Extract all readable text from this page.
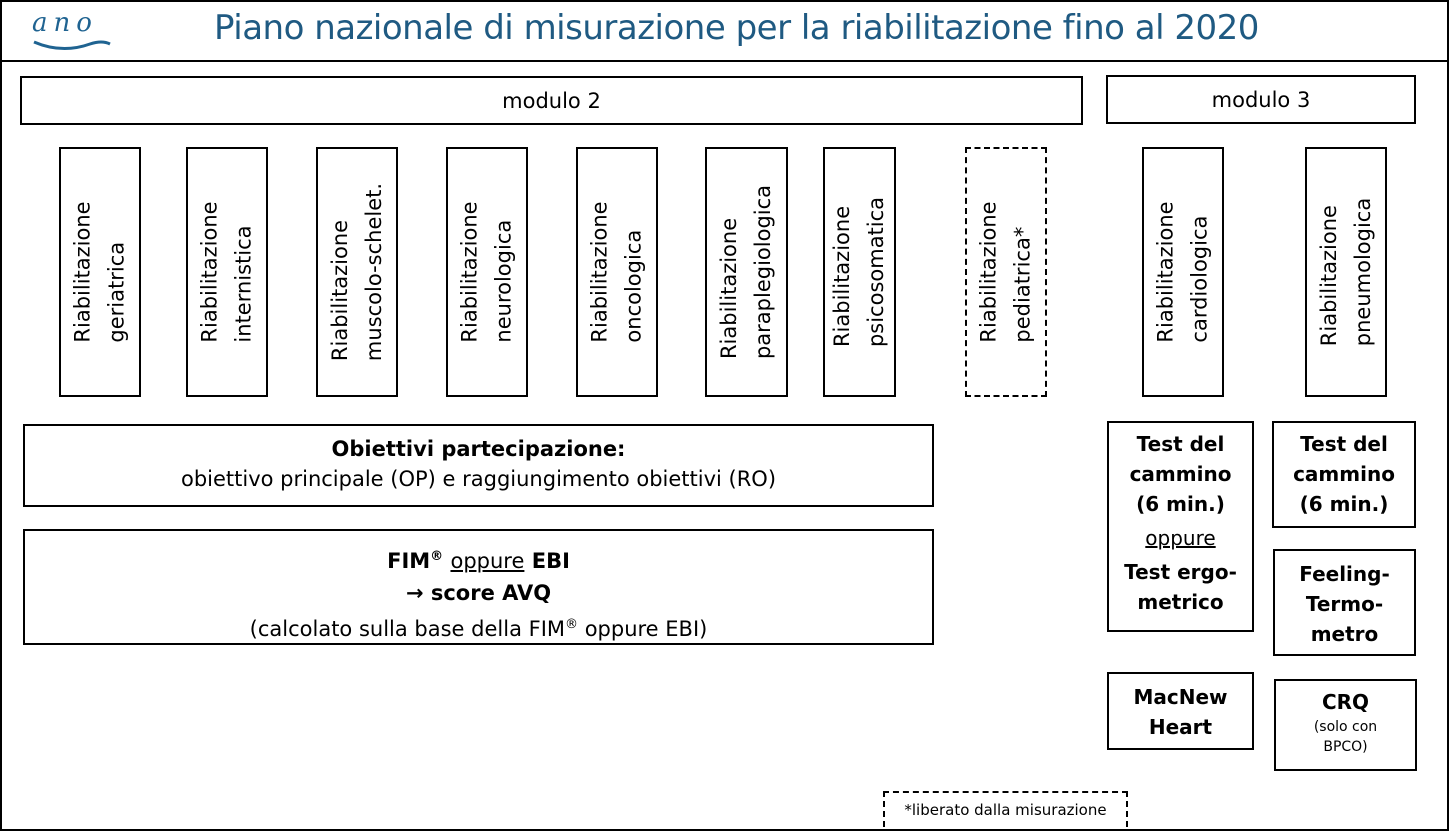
ano	Piano nazionale di misurazione per la riabilitazione fino al 2020
modulo 2	modulo 3
Riabilitazione geriatrica	Riabilitazione internistica	Riabilitazione muscolo-schelet.	Riabilitazione neurologica	Riabilitazione oncologica	Riabilitazione paraplegiologica	Riabilitazione psicosomatica	Riabilitazione pediatrica*	Riabilitazione cardiologica	Riabilitazione pneumologica
Obiettivi partecipazione:
obiettivo principale (OP) e raggiungimento obiettivi (RO)
FIM® oppure EBI
→ score AVQ
(calcolato sulla base della FIM® oppure EBI)
Test del
cammino
(6 min.)
oppure
Test ergo-
metrico
MacNew
Heart
Test del
cammino
(6 min.)
Feeling-
Termo-
metro
CRQ
(solo con
BPCO)
*liberato dalla misurazione
